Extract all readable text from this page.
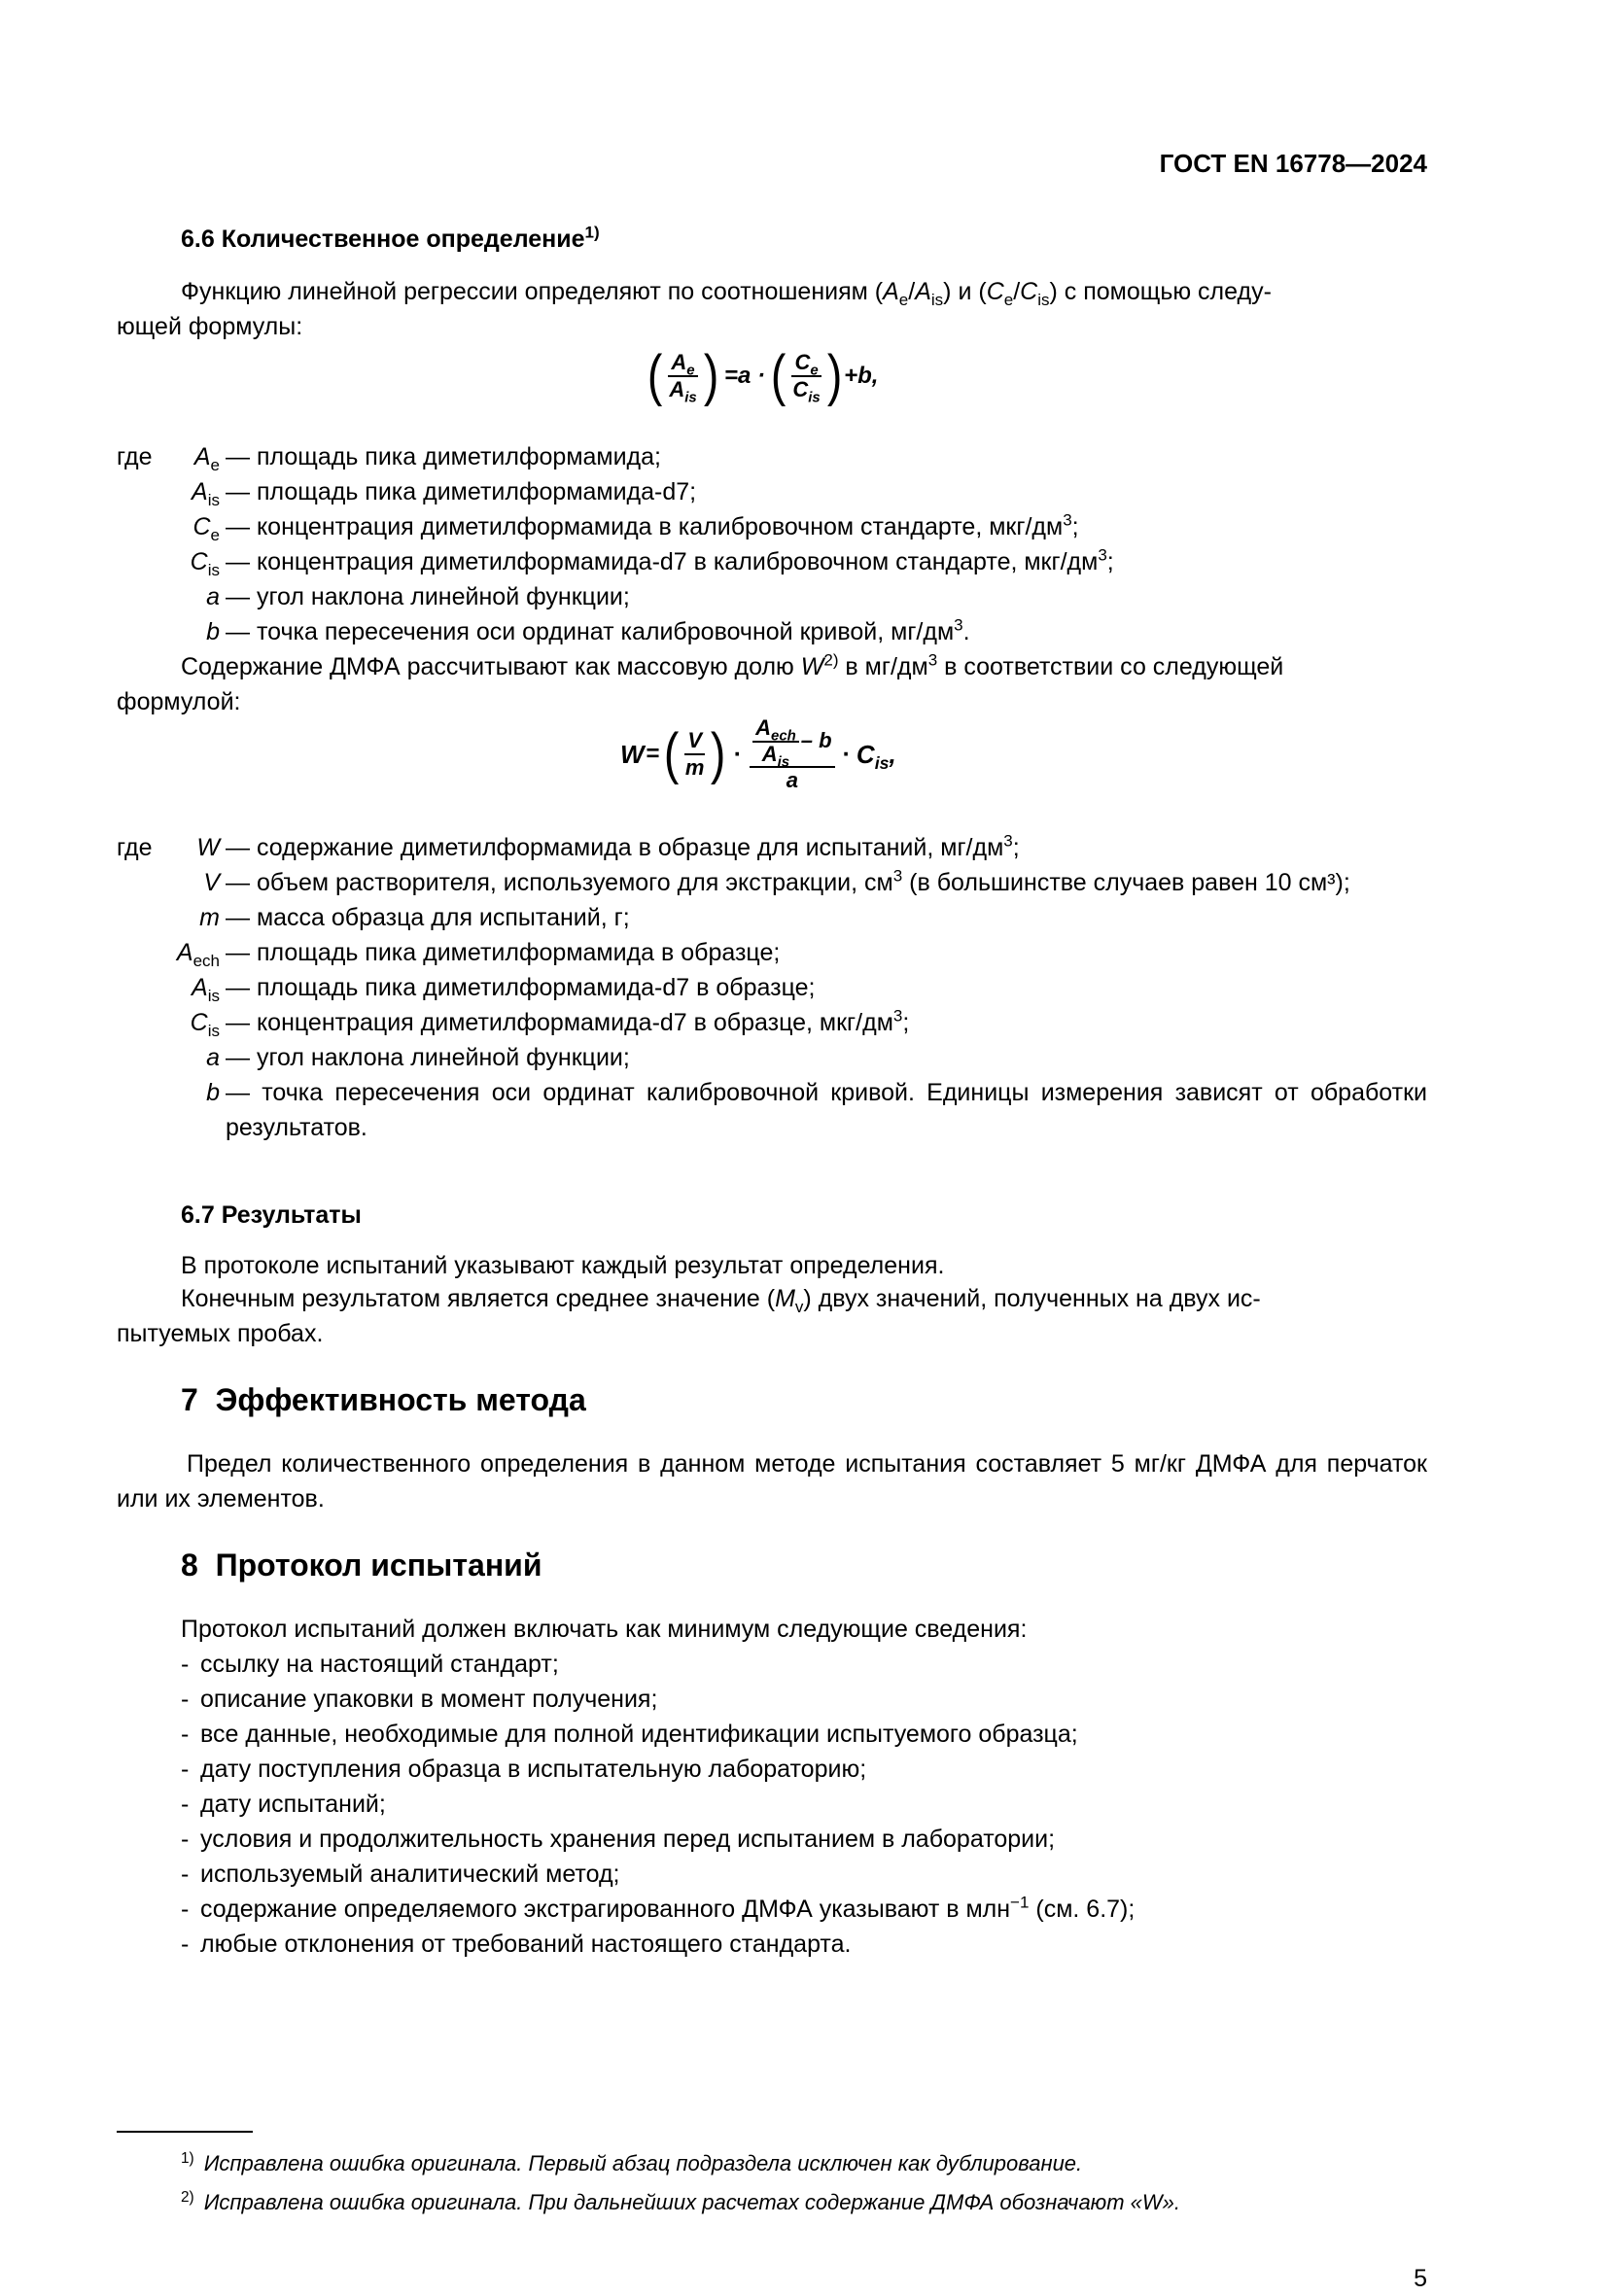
ГОСТ EN 16778—2024
6.6 Количественное определение$^{1)}$
Функцию линейной регрессии определяют по соотношениям $(A_e/A_{is})$ и $(C_e/C_{is})$ с помощью следу-
ющей формулы:
( $\frac{A_e}{A_{is}}$ ) =a · ( $\frac{C_e}{C_{is}}$ ) +b,
где $A_e$ — площадь пика диметилформамида;
$A_{is}$ — площадь пика диметилформамида-d7;
$C_e$ — концентрация диметилформамида в калибровочном стандарте, мкг/$дм^3$;
$C_{is}$ — концентрация диметилформамида-d7 в калибровочном стандарте, мкг/$дм^3$;
a — угол наклона линейной функции;
b — точка пересечения оси ординат калибровочной кривой, $мг/дм^3$.
Содержание ДМФА рассчитывают как массовую долю $W^{2)}$ в $мг/дм^3$ в соответствии со следующей
формулой:
W = ( $\frac{V}{m}$ ) · $\frac{\frac{A_{ech}}{A_{is}} - b}{a} \cdot C_{is}$,
где W — содержание диметилформамида в образце для испытаний, $мг/дм^3$;
V — объем растворителя, используемого для экстракции, $см^3$ (в большинстве случаев равен 10 см³);
m — масса образца для испытаний, г;
$A_{ech}$ — площадь пика диметилформамида в образце;
$A_{is}$ — площадь пика диметилформамида-d7 в образце;
$C_{is}$ — концентрация диметилформамида-d7 в образце, мкг/$дм^3$;
a — угол наклона линейной функции;
b — точка пересечения оси ординат калибровочной кривой. Единицы измерения зависят от обработки результатов.
6.7 Результаты
В протоколе испытаний указывают каждый результат определения.
Конечным результатом является среднее значение $(M_v)$ двух значений, полученных на двух ис-
пытуемых пробах.
7 Эффективность метода
Предел количественного определения в данном методе испытания составляет 5 мг/кг ДМФА для перчаток или их элементов.
8 Протокол испытаний
Протокол испытаний должен включать как минимум следующие сведения:
- ссылку на настоящий стандарт;
- описание упаковки в момент получения;
- все данные, необходимые для полной идентификации испытуемого образца;
- дату поступления образца в испытательную лабораторию;
- дату испытаний;
- условия и продолжительность хранения перед испытанием в лаборатории;
- используемый аналитический метод;
- содержание определяемого экстрагированного ДМФА указывают в млн$^{-1}$ (см. 6.7);
- любые отклонения от требований настоящего стандарта.
$^{1)}$ Исправлена ошибка оригинала. Первый абзац подраздела исключен как дублирование.
$^{2)}$ Исправлена ошибка оригинала. При дальнейших расчетах содержание ДМФА обозначают «W».
5
